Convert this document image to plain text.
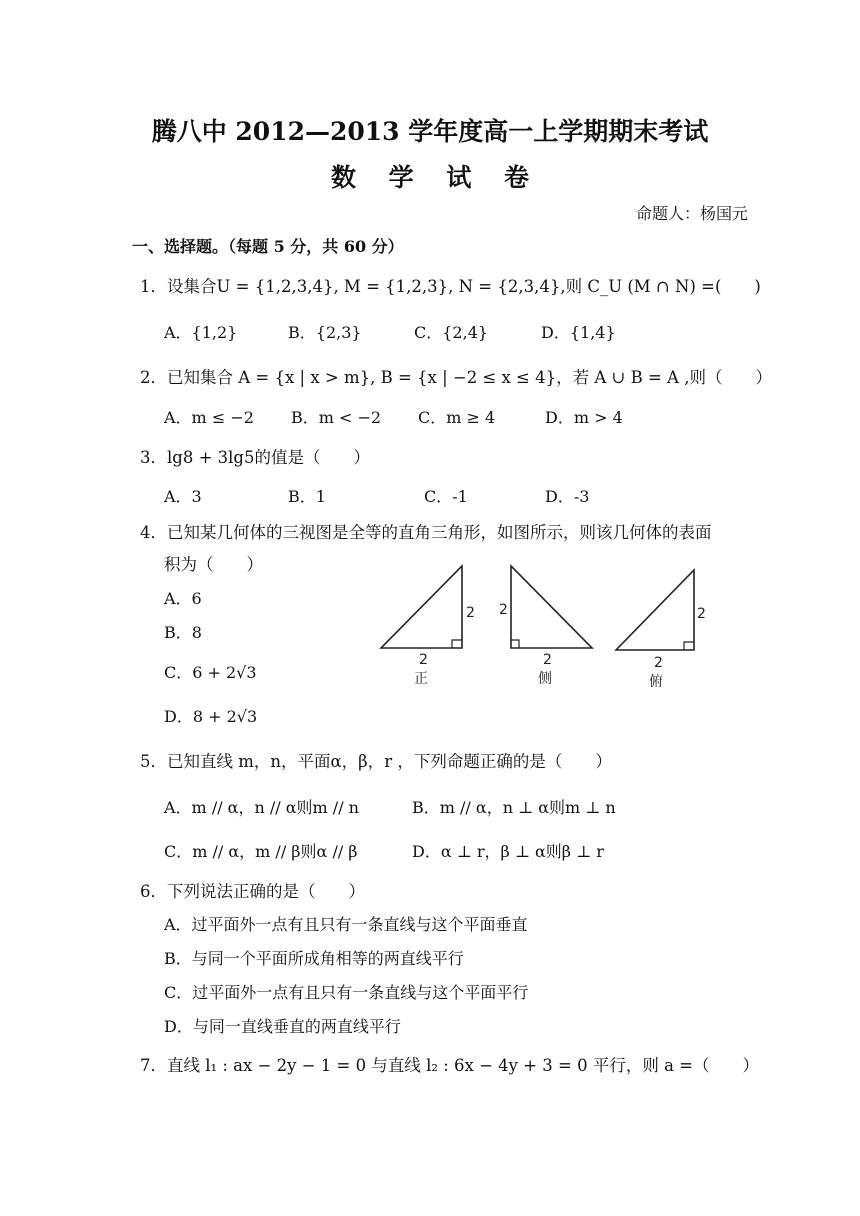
腾八中 2012—2013 学年度高一上学期期末考试
数 学 试 卷
命题人：杨国元
一、选择题。（每题 5 分，共 60 分）
1．设集合U = {1,2,3,4}, M = {1,2,3}, N = {2,3,4},则 C_U (M ∩ N) =(　　)
A．{1,2}	B．{2,3}	C．{2,4}	D．{1,4}
2．已知集合 A = {x | x > m}, B = {x | −2 ≤ x ≤ 4}，若 A ∪ B = A ,则（　　）
A．m ≤ −2 B．m < −2 C．m ≥ 4	D．m > 4
3．lg8 + 3lg5的值是（　　）
A．3	B．1	C．-1	D．-3
4．已知某几何体的三视图是全等的直角三角形，如图所示，则该几何体的表面
积为（　　）
A．6
B．8
C．6 + 2√3
D．8 + 2√3
2
2
正
2
2
侧
2
2
俯
5．已知直线 m，n，平面α，β，r ，下列命题正确的是（　　）
A．m // α，n // α则m // n	B．m // α，n ⊥ α则m ⊥ n
C．m // α，m // β则α // β	D．α ⊥ r，β ⊥ α则β ⊥ r
6．下列说法正确的是（　　）
A．过平面外一点有且只有一条直线与这个平面垂直
B．与同一个平面所成角相等的两直线平行
C．过平面外一点有且只有一条直线与这个平面平行
D．与同一直线垂直的两直线平行
7．直线 l₁ : ax − 2y − 1 = 0 与直线 l₂ : 6x − 4y + 3 = 0 平行，则 a =（　　）
